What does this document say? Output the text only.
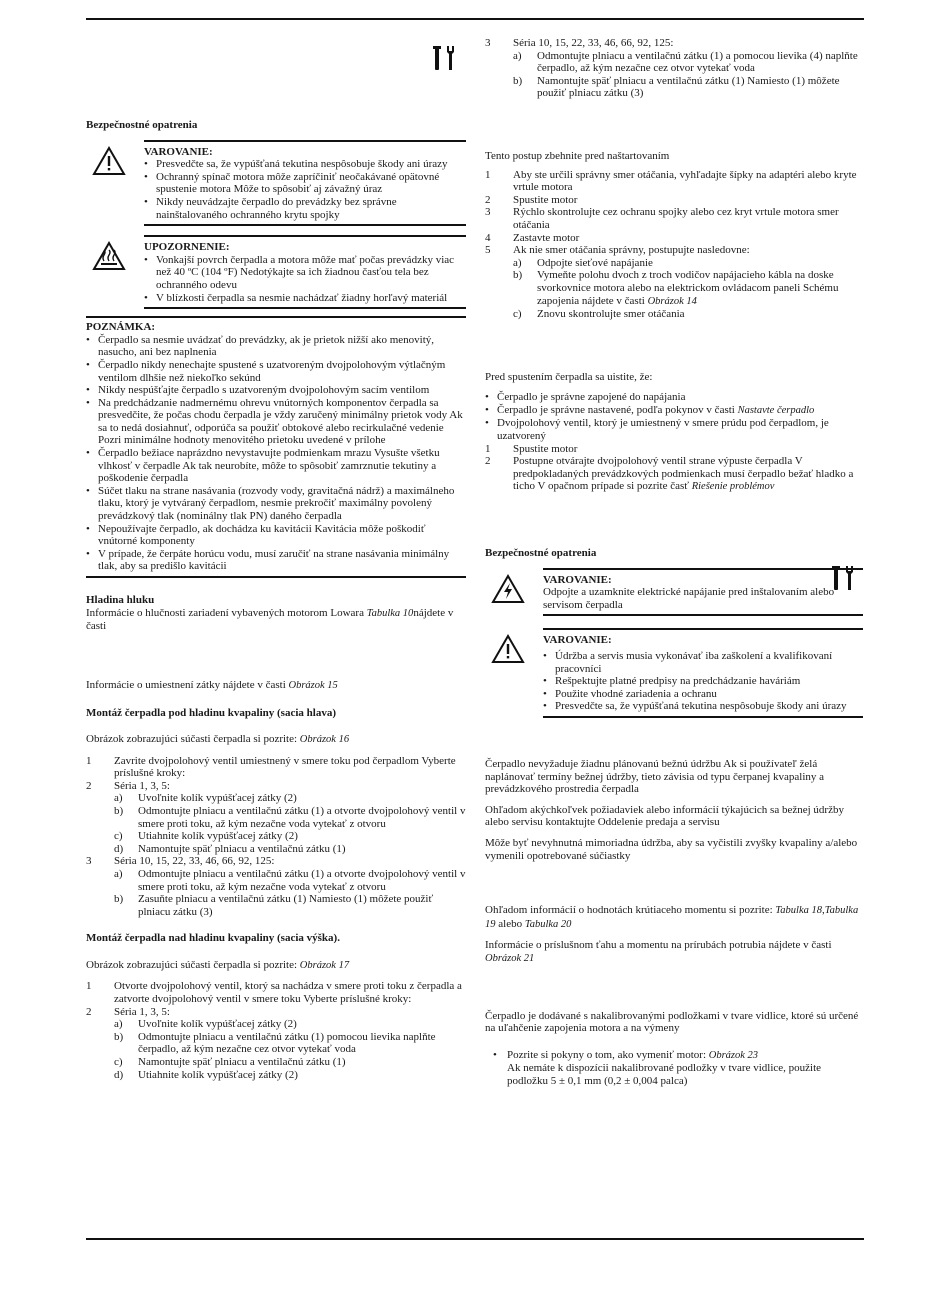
Bezpečnostné opatrenia

VAROVANIE:
• Presvedčte sa, že vypúšťaná tekutina nespôsobuje škody ani úrazy
• Ochranný spínač motora môže zapríčiniť neočakávané opätovné spustenie motora Môže to spôsobiť aj závažný úraz
• Nikdy neuvádzajte čerpadlo do prevádzky bez správne nainštalovaného ochranného krytu spojky
UPOZORNENIE:
• Vonkajší povrch čerpadla a motora môže mať počas prevádzky viac než 40 ºC (104 ºF) Nedotýkajte sa ich žiadnou časťou tela bez ochranného odevu
• V blízkosti čerpadla sa nesmie nachádzať žiadny horľavý materiál
POZNÁMKA:
• Čerpadlo sa nesmie uvádzať do prevádzky, ak je prietok nižší ako menovitý, nasucho, ani bez naplnenia
• Čerpadlo nikdy nenechajte spustené s uzatvoreným dvojpolohovým výtlačným ventilom dlhšie než niekoľko sekúnd
• Nikdy nespúšťajte čerpadlo s uzatvoreným dvojpolohovým sacím ventilom
• Na predchádzanie nadmernému ohrevu vnútorných komponentov čerpadla sa presvedčite, že počas chodu čerpadla je vždy zaručený minimálny prietok vody Ak sa to nedá dosiahnuť, odporúča sa použiť obtokové alebo recirkulačné vedenie Pozri minimálne hodnoty menovitého prietoku uvedené v prílohe
• Čerpadlo bežiace naprázdno nevystavujte podmienkam mrazu Vysušte všetku vlhkosť v čerpadle Ak tak neurobíte, môže to spôsobiť zamrznutie tekutiny a poškodenie čerpadla
• Súčet tlaku na strane nasávania (rozvody vody, gravitačná nádrž) a maximálneho tlaku, ktorý je vytváraný čerpadlom, nesmie prekročiť maximálny povolený prevádzkový tlak (nominálny tlak PN) daného čerpadla
• Nepoužívajte čerpadlo, ak dochádza ku kavitácii Kavitácia môže poškodiť vnútorné komponenty
• V prípade, že čerpáte horúcu vodu, musí zaručiť na strane nasávania minimálny tlak, aby sa predišlo kavitácii

Hladina hluku

Informácie o hlučnosti zariadení vybavených motorom Lowara Tabulka 10nájdete v časti

Informácie o umiestnení zátky nájdete v časti Obrázok 15

Montáž čerpadla pod hladinu kvapaliny (sacia hlava)

Obrázok zobrazujúci súčasti čerpadla si pozrite: Obrázok 16

1	Zavrite dvojpolohový ventil umiestnený v smere toku pod čerpadlom Vyberte príslušné kroky:
2	Séria 1, 3, 5:
a) Uvoľnite kolík vypúšťacej zátky (2)
b) Odmontujte plniacu a ventilačnú zátku (1) a otvorte dvojpolohový ventil v smere proti toku, až kým nezačne voda vytekať z otvoru
c) Utiahnite kolík vypúšťacej zátky (2)
d) Namontujte späť plniacu a ventilačnú zátku (1)
3	Séria 10, 15, 22, 33, 46, 66, 92, 125:
a) Odmontujte plniacu a ventilačnú zátku (1) a otvorte dvojpolohový ventil v smere proti toku, až kým nezačne voda vytekať z otvoru
b) Zasuňte plniacu a ventilačnú zátku (1) Namiesto (1) môžete použiť plniacu zátku (3)

Montáž čerpadla nad hladinu kvapaliny (sacia výška).

Obrázok zobrazujúci súčasti čerpadla si pozrite: Obrázok 17

1	Otvorte dvojpolohový ventil, ktorý sa nachádza v smere proti toku z čerpadla a zatvorte dvojpolohový ventil v smere toku Vyberte príslušné kroky:
2	Séria 1, 3, 5:
a) Uvoľnite kolík vypúšťacej zátky (2)
b) Odmontujte plniacu a ventilačnú zátku (1) pomocou lievika naplňte čerpadlo, až kým nezačne cez otvor vytekať voda
c) Namontujte späť plniacu a ventilačnú zátku (1)
d) Utiahnite kolík vypúšťacej zátky (2)
3	Séria 10, 15, 22, 33, 46, 66, 92, 125:
a) Odmontujte plniacu a ventilačnú zátku (1) a pomocou lievika (4) naplňte čerpadlo, až kým nezačne cez otvor vytekať voda
b) Namontujte späť plniacu a ventilačnú zátku (1) Namiesto (1) môžete použiť plniacu zátku (3)

Tento postup zbehnite pred naštartovaním

1	Aby ste určili správny smer otáčania, vyhľadajte šípky na adaptéri alebo kryte vrtule motora
2	Spustite motor
3	Rýchlo skontrolujte cez ochranu spojky alebo cez kryt vrtule motora smer otáčania
4	Zastavte motor
5	Ak nie smer otáčania správny, postupujte nasledovne:
a) Odpojte sieťové napájanie
b) Vymeňte polohu dvoch z troch vodičov napájacieho kábla na doske svorkovnice motora alebo na elektrickom ovládacom paneli Schému zapojenia nájdete v časti Obrázok 14
c) Znovu skontrolujte smer otáčania

Pred spustením čerpadla sa uistite, že:

• Čerpadlo je správne zapojené do napájania
• Čerpadlo je správne nastavené, podľa pokynov v časti Nastavte čerpadlo
• Dvojpolohový ventil, ktorý je umiestnený v smere prúdu pod čerpadlom, je uzatvorený
1	Spustite motor
2	Postupne otvárajte dvojpolohový ventil strane výpuste čerpadla V predpokladaných prevádzkových podmienkach musí čerpadlo bežať hladko a ticho V opačnom prípade si pozrite časť Riešenie problémov

Bezpečnostné opatrenia

VAROVANIE:

Odpojte a uzamknite elektrické napájanie pred inštalovaním alebo servisom čerpadla

VAROVANIE:
• Údržba a servis musia vykonávať iba zaškolení a kvalifikovaní pracovníci
• Rešpektujte platné predpisy na predchádzanie haváriám
• Použite vhodné zariadenia a ochranu
• Presvedčte sa, že vypúšťaná tekutina nespôsobuje škody ani úrazy

Čerpadlo nevyžaduje žiadnu plánovanú bežnú údržbu Ak si používateľ želá naplánovať termíny bežnej údržby, tieto závisia od typu čerpanej kvapaliny a prevádzkového prostredia čerpadla

Ohľadom akýchkoľvek požiadaviek alebo informácií týkajúcich sa bežnej údržby alebo servisu kontaktujte Oddelenie predaja a servisu

Môže byť nevyhnutná mimoriadna údržba, aby sa vyčistili zvyšky kvapaliny a/alebo vymenili opotrebované súčiastky

Ohľadom informácií o hodnotách krútiaceho momentu si pozrite: Tabulka 18,Tabulka 19 alebo Tabulka 20

Informácie o príslušnom ťahu a momentu na prírubách potrubia nájdete v časti Obrázok 21

Čerpadlo je dodávané s nakalibrovanými podložkami v tvare vidlice, ktoré sú určené na uľahčenie zapojenia motora a na výmeny

• Pozrite si pokyny o tom, ako vymeniť motor: Obrázok 23
Ak nemáte k dispozícii nakalibrované podložky v tvare vidlice, použite podložku 5 ± 0,1 mm (0,2 ± 0,004 palca)
